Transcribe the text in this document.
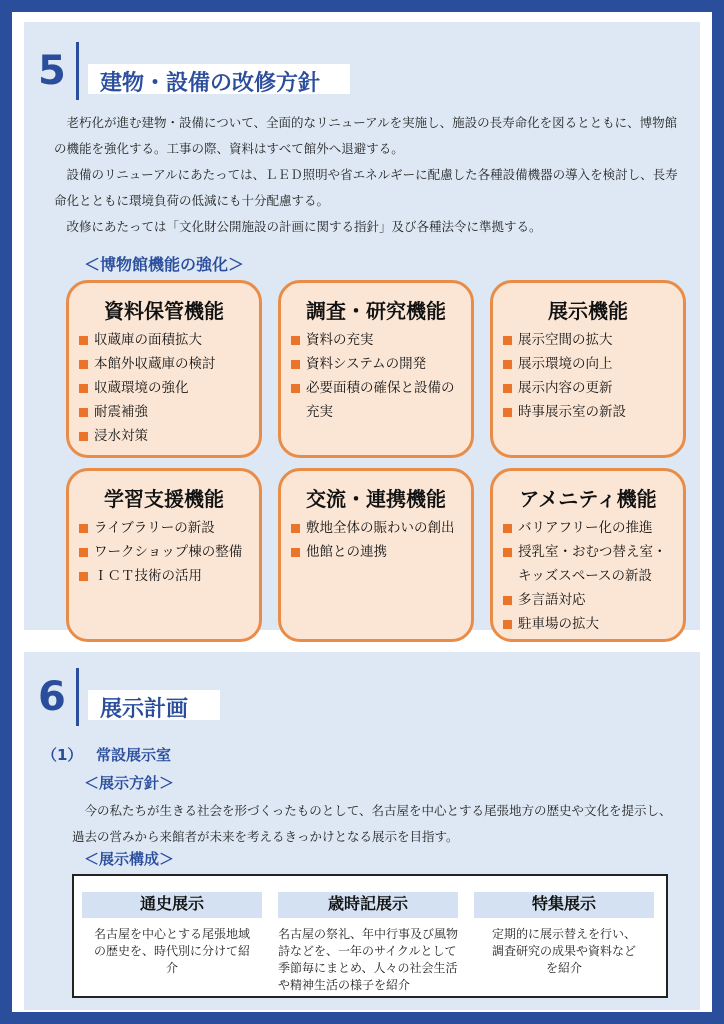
5 建物・設備の改修方針
老朽化が進む建物・設備について、全面的なリニューアルを実施し、施設の長寿命化を図るとともに、博物館の機能を強化する。工事の際、資料はすべて館外へ退避する。
設備のリニューアルにあたっては、ＬＥＤ照明や省エネルギーに配慮した各種設備機器の導入を検討し、長寿命化とともに環境負荷の低減にも十分配慮する。
改修にあたっては「文化財公開施設の計画に関する指針」及び各種法令に準拠する。
＜博物館機能の強化＞
資料保管機能
収蔵庫の面積拡大
本館外収蔵庫の検討
収蔵環境の強化
耐震補強
浸水対策
調査・研究機能
資料の充実
資料システムの開発
必要面積の確保と設備の充実
展示機能
展示空間の拡大
展示環境の向上
展示内容の更新
時事展示室の新設
学習支援機能
ライブラリーの新設
ワークショップ棟の整備
ＩＣＴ技術の活用
交流・連携機能
敷地全体の賑わいの創出
他館との連携
アメニティ機能
バリアフリー化の推進
授乳室・おむつ替え室・キッズスペースの新設
多言語対応
駐車場の拡大
6 展示計画
（1） 常設展示室
＜展示方針＞
今の私たちが生きる社会を形づくったものとして、名古屋を中心とする尾張地方の歴史や文化を提示し、過去の営みから来館者が未来を考えるきっかけとなる展示を目指す。
＜展示構成＞
通史展示
名古屋を中心とする尾張地域の歴史を、時代別に分けて紹介
歳時記展示
名古屋の祭礼、年中行事及び風物詩などを、一年のサイクルとして季節毎にまとめ、人々の社会生活や精神生活の様子を紹介
特集展示
定期的に展示替えを行い、調査研究の成果や資料などを紹介
